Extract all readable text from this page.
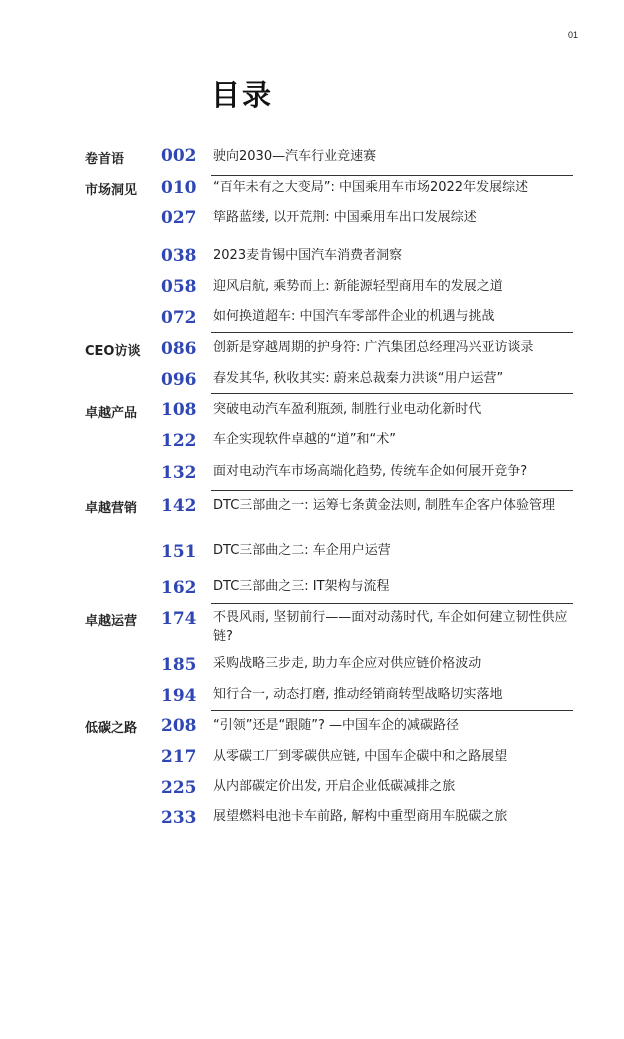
01
目录
卷首语 002 驶向2030—汽车行业竞速赛
市场洞见 010 “百年未有之大变局”: 中国乘用车市场2022年发展综述
027 筚路蓝缕, 以开荒荆: 中国乘用车出口发展综述
038 2023麦肯锡中国汽车消费者洞察
058 迎风启航, 乘势而上: 新能源轻型商用车的发展之道
072 如何换道超车: 中国汽车零部件企业的机遇与挑战
CEO访谈 086 创新是穿越周期的护身符: 广汽集团总经理冯兴亚访谈录
096 春发其华, 秋收其实: 蔚来总裁秦力洪谈“用户运营”
卓越产品 108 突破电动汽车盈利瓶颈, 制胜行业电动化新时代
122 车企实现软件卓越的“道”和“术”
132 面对电动汽车市场高端化趋势, 传统车企如何展开竞争?
卓越营销 142 DTC三部曲之一: 运筹七条黄金法则, 制胜车企客户体验管理
151 DTC三部曲之二: 车企用户运营
162 DTC三部曲之三: IT架构与流程
卓越运营 174 不畏风雨, 坚韧前行——面对动荡时代, 车企如何建立韧性供应链?
185 采购战略三步走, 助力车企应对供应链价格波动
194 知行合一, 动态打磨, 推动经销商转型战略切实落地
低碳之路 208 “引领”还是“跟随”? —中国车企的减碳路径
217 从零碳工厂到零碳供应链, 中国车企碳中和之路展望
225 从内部碳定价出发, 开启企业低碳减排之旅
233 展望燃料电池卡车前路, 解构中重型商用车脱碳之旅
